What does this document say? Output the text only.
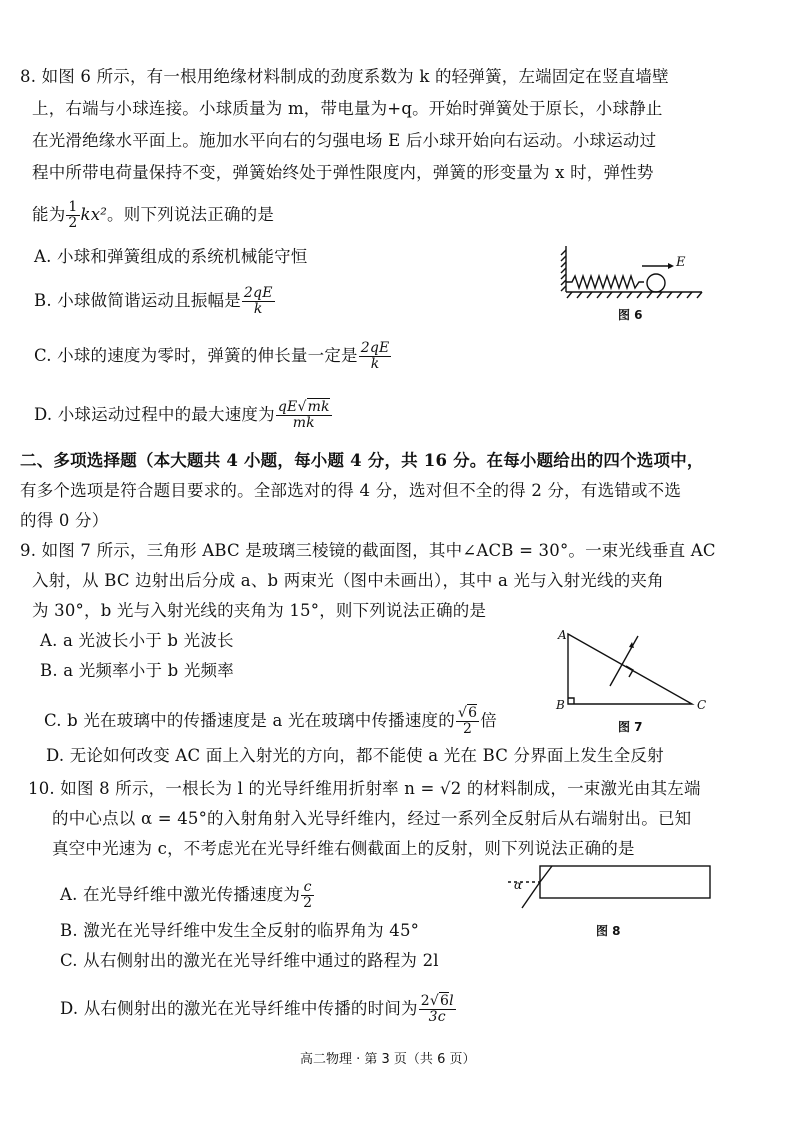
8. 如图 6 所示，有一根用绝缘材料制成的劲度系数为 k 的轻弹簧，左端固定在竖直墙壁
上，右端与小球连接。小球质量为 m，带电量为+q。开始时弹簧处于原长，小球静止
在光滑绝缘水平面上。施加水平向右的匀强电场 E 后小球开始向右运动。小球运动过
程中所带电荷量保持不变，弹簧始终处于弹性限度内，弹簧的形变量为 x 时，弹性势
能为 $\frac{1}{2} kx^2$。则下列说法正确的是
A. 小球和弹簧组成的系统机械能守恒
B. 小球做简谐运动且振幅是 $\frac{2qE}{k}$
C. 小球的速度为零时，弹簧的伸长量一定是 $\frac{2qE}{k}$
D. 小球运动过程中的最大速度为 $\frac{qE√mk}{mk}$
E
图 6
二、多项选择题（本大题共 4 小题，每小题 4 分，共 16 分。在每小题给出的四个选项中，
有多个选项是符合题目要求的。全部选对的得 4 分，选对但不全的得 2 分，有选错或不选
的得 0 分）
9. 如图 7 所示，三角形 ABC 是玻璃三棱镜的截面图，其中∠ACB = 30°。一束光线垂直 AC
入射，从 BC 边射出后分成 a、b 两束光（图中未画出），其中 a 光与入射光线的夹角
为 30°，b 光与入射光线的夹角为 15°，则下列说法正确的是
A. a 光波长小于 b 光波长
B. a 光频率小于 b 光频率
C. b 光在玻璃中的传播速度是 a 光在玻璃中传播速度的 $\frac{√6}{2}$ 倍
D. 无论如何改变 AC 面上入射光的方向，都不能使 a 光在 BC 分界面上发生全反射
A
B	C
图 7
10. 如图 8 所示，一根长为 l 的光导纤维用折射率 n = √2 的材料制成，一束激光由其左端
的中心点以 α = 45°的入射角射入光导纤维内，经过一系列全反射后从右端射出。已知
真空中光速为 c，不考虑光在光导纤维右侧截面上的反射，则下列说法正确的是
A. 在光导纤维中激光传播速度为 $\frac{c}{2}$
B. 激光在光导纤维中发生全反射的临界角为 45°
C. 从右侧射出的激光在光导纤维中通过的路程为 2l
D. 从右侧射出的激光在光导纤维中传播的时间为 $\frac{2√6l}{3c}$
α
图 8
高二物理 · 第 3 页（共 6 页）
